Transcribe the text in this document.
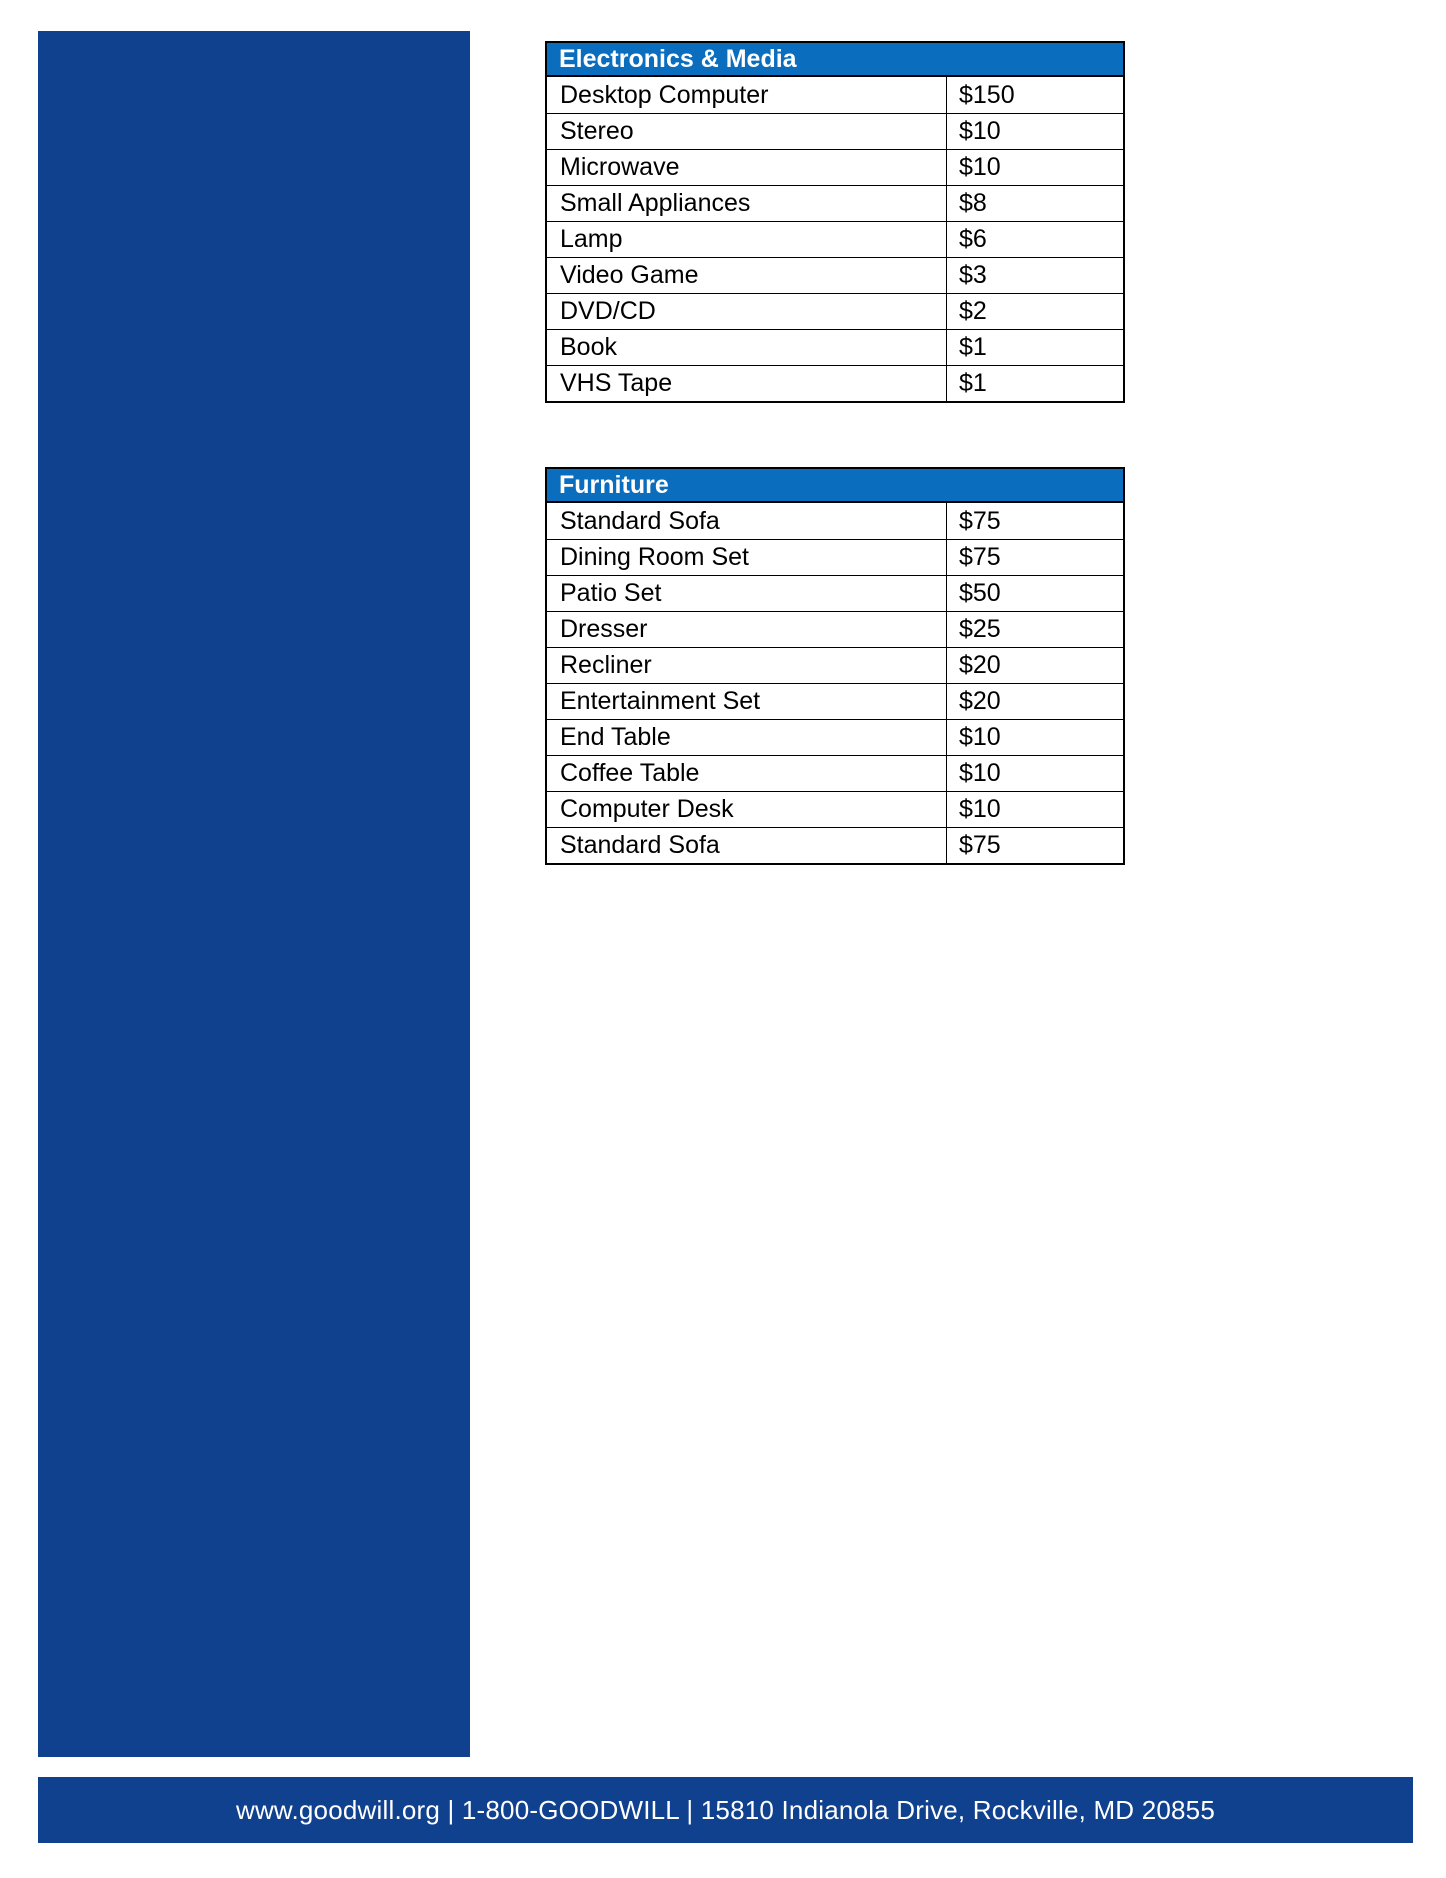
Electronics & Media
Desktop Computer	$150
Stereo	$10
Microwave	$10
Small Appliances	$8
Lamp	$6
Video Game	$3
DVD/CD	$2
Book	$1
VHS Tape	$1
Furniture
Standard Sofa	$75
Dining Room Set	$75
Patio Set	$50
Dresser	$25
Recliner	$20
Entertainment Set	$20
End Table	$10
Coffee Table	$10
Computer Desk	$10
Standard Sofa	$75
www.goodwill.org | 1-800-GOODWILL | 15810 Indianola Drive, Rockville, MD 20855
